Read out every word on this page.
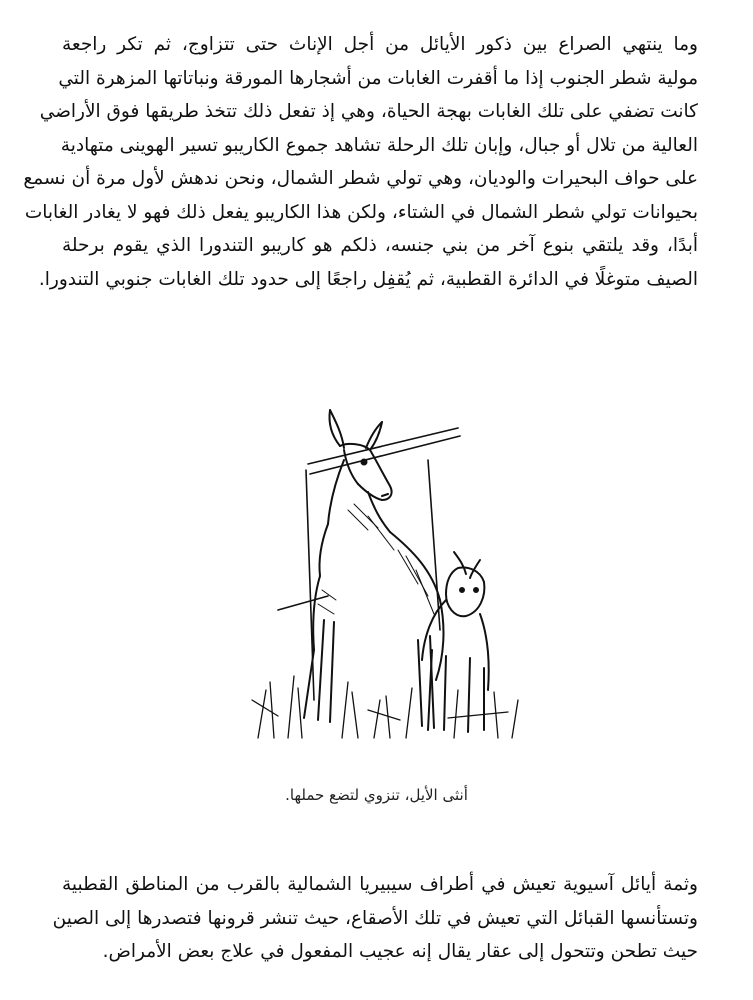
وما ينتهي الصراع بين ذكور الأيائل من أجل الإناث حتى تتزاوج، ثم تكر راجعة
مولية شطر الجنوب إذا ما أقفرت الغابات من أشجارها المورقة ونباتاتها المزهرة التي
كانت تضفي على تلك الغابات بهجة الحياة، وهي إذ تفعل ذلك تتخذ طريقها فوق الأراضي
العالية من تلال أو جبال، وإبان تلك الرحلة تشاهد جموع الكاريبو تسير الهوينى متهادية
على حواف البحيرات والوديان، وهي تولي شطر الشمال، ونحن ندهش لأول مرة أن نسمع
بحيوانات تولي شطر الشمال في الشتاء، ولكن هذا الكاريبو يفعل ذلك فهو لا يغادر الغابات
أبدًا، وقد يلتقي بنوع آخر من بني جنسه، ذلكم هو كاريبو التندورا الذي يقوم برحلة
الصيف متوغلًا في الدائرة القطبية، ثم يُقفِل راجعًا إلى حدود تلك الغابات جنوبي التندورا.
أنثى الأيل، تنزوي لتضع حملها.
وثمة أيائل آسيوية تعيش في أطراف سيبيريا الشمالية بالقرب من المناطق القطبية
وتستأنسها القبائل التي تعيش في تلك الأصقاع، حيث تنشر قرونها فتصدرها إلى الصين
حيث تطحن وتتحول إلى عقار يقال إنه عجيب المفعول في علاج بعض الأمراض.
